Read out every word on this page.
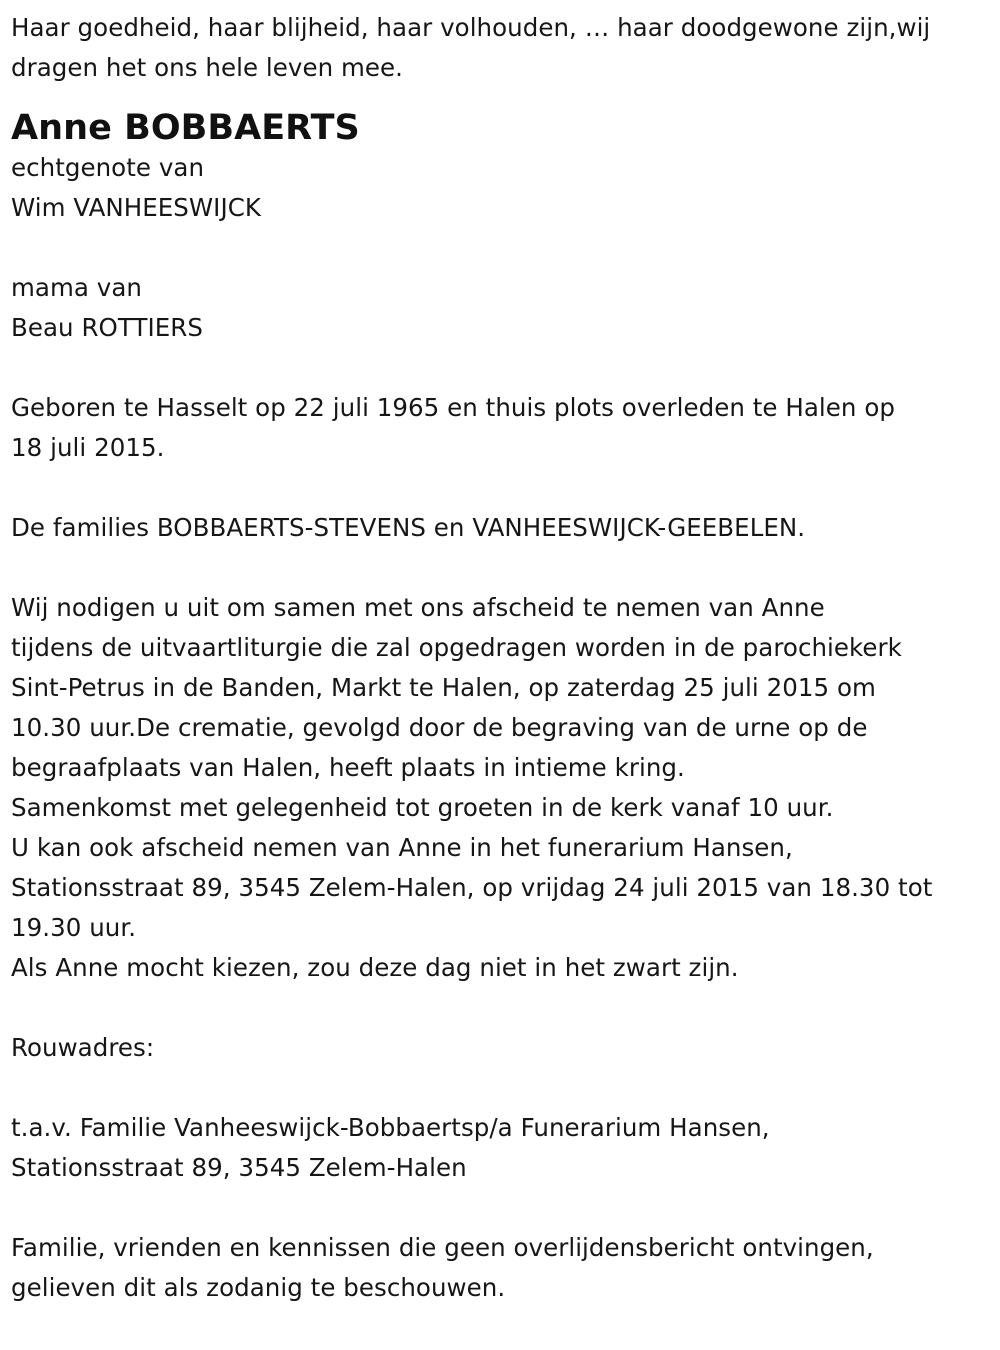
Haar goedheid, haar blijheid, haar volhouden, … haar doodgewone zijn,wij
dragen het ons hele leven mee.
Anne BOBBAERTS
echtgenote van
Wim VANHEESWIJCK
mama van
Beau ROTTIERS
Geboren te Hasselt op 22 juli 1965 en thuis plots overleden te Halen op
18 juli 2015.
De families BOBBAERTS-STEVENS en VANHEESWIJCK-GEEBELEN.
Wij nodigen u uit om samen met ons afscheid te nemen van Anne
tijdens de uitvaartliturgie die zal opgedragen worden in de parochiekerk
Sint-Petrus in de Banden, Markt te Halen, op zaterdag 25 juli 2015 om
10.30 uur.De crematie, gevolgd door de begraving van de urne op de
begraafplaats van Halen, heeft plaats in intieme kring.
Samenkomst met gelegenheid tot groeten in de kerk vanaf 10 uur.
U kan ook afscheid nemen van Anne in het funerarium Hansen,
Stationsstraat 89, 3545 Zelem-Halen, op vrijdag 24 juli 2015 van 18.30 tot
19.30 uur.
Als Anne mocht kiezen, zou deze dag niet in het zwart zijn.
Rouwadres:
t.a.v. Familie Vanheeswijck-Bobbaertsp/a Funerarium Hansen,
Stationsstraat 89, 3545 Zelem-Halen
Familie, vrienden en kennissen die geen overlijdensbericht ontvingen,
gelieven dit als zodanig te beschouwen.
